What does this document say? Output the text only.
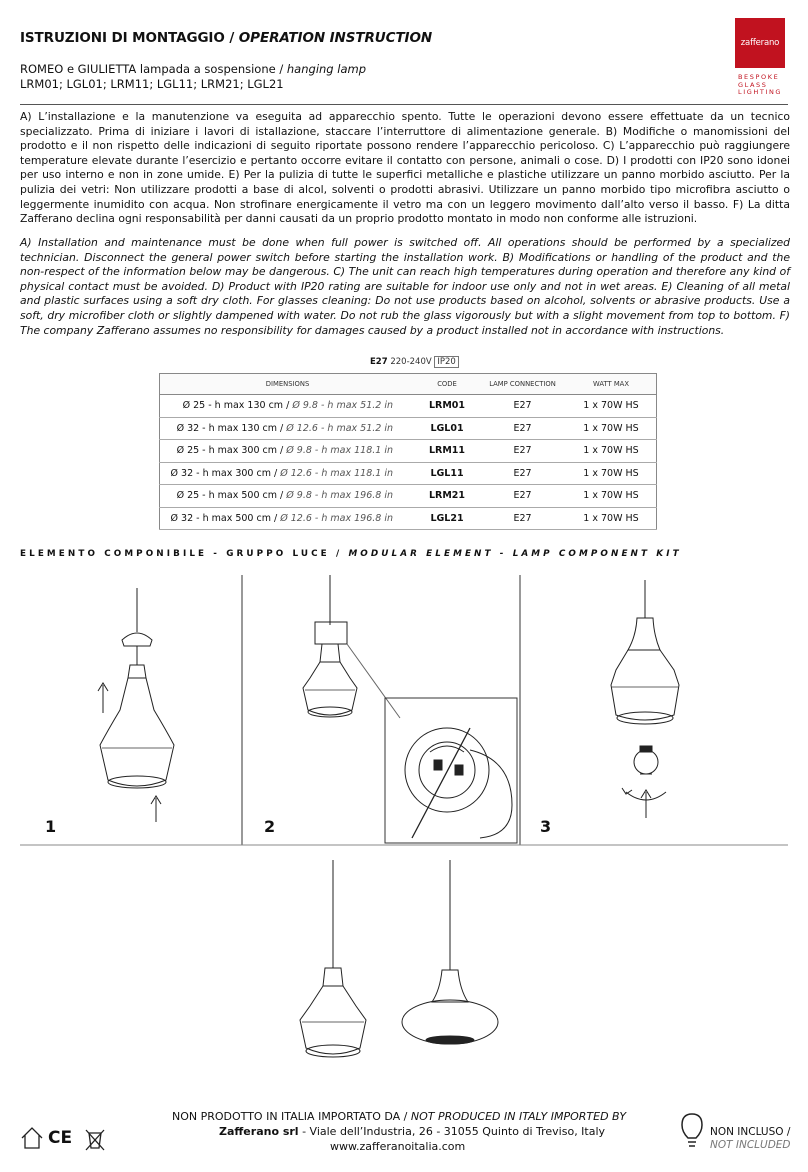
ISTRUZIONI DI MONTAGGIO / OPERATION INSTRUCTION
ROMEO e GIULIETTA lampada a sospensione / hanging lamp
LRM01; LGL01; LRM11; LGL11; LRM21; LGL21
zafferano
BESPOKE
GLASS
LIGHTING
A) L’installazione e la manutenzione va eseguita ad apparecchio spento. Tutte le operazioni devono essere effettuate da un tecnico specializzato. Prima di iniziare i lavori di istallazione, staccare l’interruttore di alimentazione generale. B) Modifiche o manomissioni del prodotto e il non rispetto delle indicazioni di seguito riportate possono rendere l’apparecchio pericoloso. C) L’apparecchio può raggiungere temperature elevate durante l’esercizio e pertanto occorre evitare il contatto con persone, animali o cose. D) I prodotti con IP20 sono idonei per uso interno e non in zone umide. E) Per la pulizia di tutte le superfici metalliche e plastiche utilizzare un panno morbido asciutto. Per la pulizia dei vetri: Non utilizzare prodotti a base di alcol, solventi o prodotti abrasivi. Utilizzare un panno morbido tipo microfibra asciutto o leggermente inumidito con acqua. Non strofinare energicamente il vetro ma con un leggero movimento dall’alto verso il basso. F) La ditta Zafferano declina ogni responsabilità per danni causati da un proprio prodotto montato in modo non conforme alle istruzioni.
A) Installation and maintenance must be done when full power is switched off. All operations should be performed by a specialized technician. Disconnect the general power switch before starting the installation work. B) Modifications or handling of the product and the non-respect of the information below may be dangerous. C) The unit can reach high temperatures during operation and therefore any kind of physical contact must be avoided. D) Product with IP20 rating are suitable for indoor use only and not in wet areas. E) Cleaning of all metal and plastic surfaces using a soft dry cloth. For glasses cleaning: Do not use products based on alcohol, solvents or abrasive products. Use a soft, dry microfiber cloth or slightly dampened with water. Do not rub the glass vigorously but with a slight movement from top to bottom. F) The company Zafferano assumes no responsibility for damages caused by a product installed not in accordance with instructions.
E27 220-240V IP20
DIMENSIONS	CODE	LAMP CONNECTION	WATT MAX
Ø 25 - h max 130 cm / Ø 9.8 - h max 51.2 in	LRM01	E27	1 x 70W HS
Ø 32 - h max 130 cm / Ø 12.6 - h max 51.2 in	LGL01	E27	1 x 70W HS
Ø 25 - h max 300 cm / Ø 9.8 - h max 118.1 in	LRM11	E27	1 x 70W HS
Ø 32 - h max 300 cm / Ø 12.6 - h max 118.1 in	LGL11	E27	1 x 70W HS
Ø 25 - h max 500 cm / Ø 9.8 - h max 196.8 in	LRM21	E27	1 x 70W HS
Ø 32 - h max 500 cm / Ø 12.6 - h max 196.8 in	LGL21	E27	1 x 70W HS
ELEMENTO COMPONIBILE - GRUPPO LUCE / MODULAR ELEMENT - LAMP COMPONENT KIT
1	2	3
CE
NON PRODOTTO IN ITALIA IMPORTATO DA / NOT PRODUCED IN ITALY IMPORTED BY
Zafferano srl - Viale dell’Industria, 26 - 31055 Quinto di Treviso, Italy
www.zafferanoitalia.com
NON INCLUSO /
NOT INCLUDED
